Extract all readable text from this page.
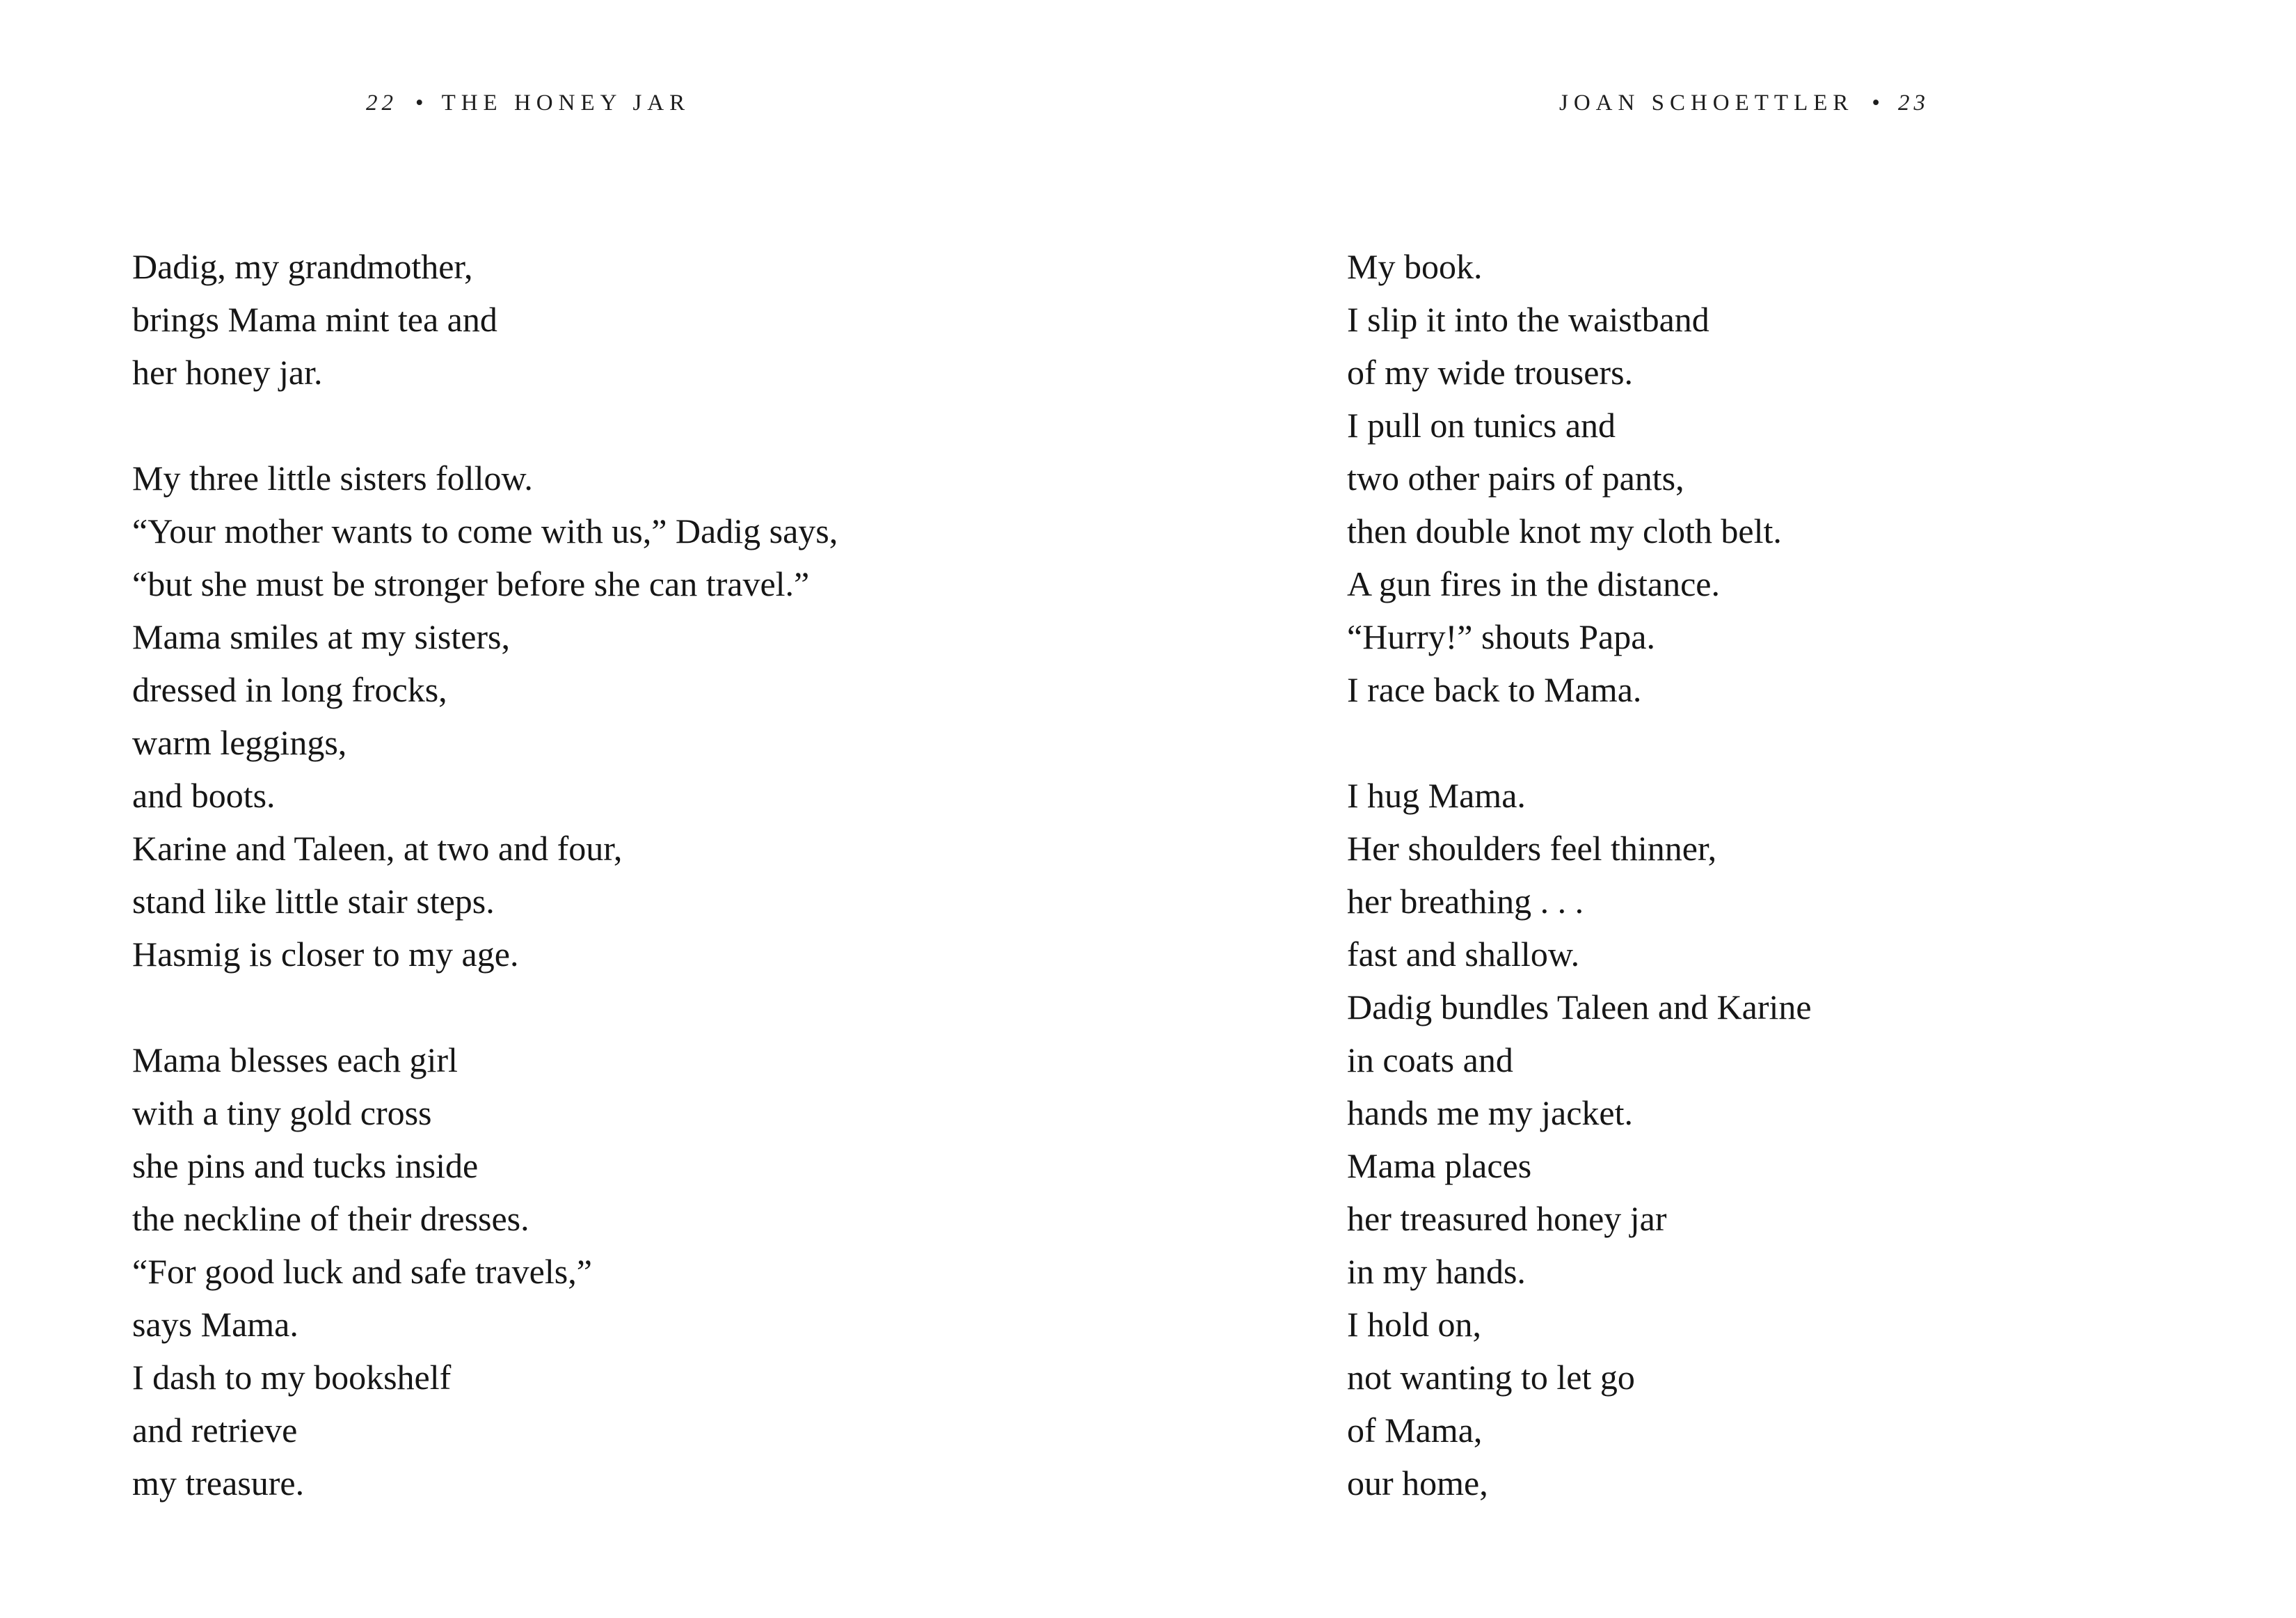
22 • THE HONEY JAR
Dadig, my grandmother,
brings Mama mint tea and
her honey jar.
My three little sisters follow.
“Your mother wants to come with us,” Dadig says,
“but she must be stronger before she can travel.”
Mama smiles at my sisters,
dressed in long frocks,
warm leggings,
and boots.
Karine and Taleen, at two and four,
stand like little stair steps.
Hasmig is closer to my age.
Mama blesses each girl
with a tiny gold cross
she pins and tucks inside
the neckline of their dresses.
“For good luck and safe travels,”
says Mama.
I dash to my bookshelf
and retrieve
my treasure.
JOAN SCHOETTLER • 23
My book.
I slip it into the waistband
of my wide trousers.
I pull on tunics and
two other pairs of pants,
then double knot my cloth belt.
A gun fires in the distance.
“Hurry!” shouts Papa.
I race back to Mama.
I hug Mama.
Her shoulders feel thinner,
her breathing . . .
fast and shallow.
Dadig bundles Taleen and Karine
in coats and
hands me my jacket.
Mama places
her treasured honey jar
in my hands.
I hold on,
not wanting to let go
of Mama,
our home,
